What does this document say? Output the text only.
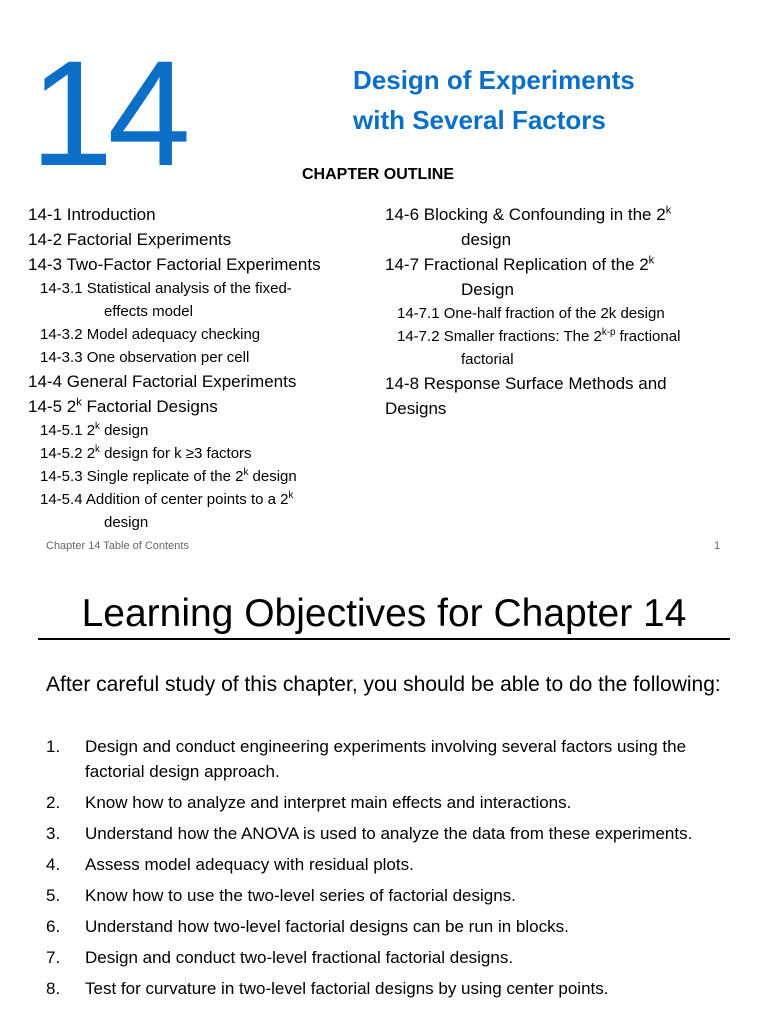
14	Design of Experiments
with Several Factors
CHAPTER OUTLINE
14-1 Introduction
14-2 Factorial Experiments
14-3 Two-Factor Factorial Experiments
14-3.1 Statistical analysis of the fixed-
effects model
14-3.2 Model adequacy checking
14-3.3 One observation per cell
14-4 General Factorial Experiments
14-5 2$^k$ Factorial Designs
14-5.1 2$^k$ design
14-5.2 2$^k$ design for k ≥3 factors
14-5.3 Single replicate of the 2$^k$ design
14-5.4 Addition of center points to a 2$^k$
design
14-6 Blocking & Confounding in the 2$^k$
design
14-7 Fractional Replication of the 2$^k$
Design
14-7.1 One-half fraction of the 2k design
14-7.2 Smaller fractions: The 2$^{k-p}$ fractional
factorial
14-8 Response Surface Methods and
Designs
Chapter 14 Table of Contents	1
Learning Objectives for Chapter 14
After careful study of this chapter, you should be able to do the following:
1.	Design and conduct engineering experiments involving several factors using the factorial design approach.
2.	Know how to analyze and interpret main effects and interactions.
3.	Understand how the ANOVA is used to analyze the data from these experiments.
4.	Assess model adequacy with residual plots.
5.	Know how to use the two-level series of factorial designs.
6.	Understand how two-level factorial designs can be run in blocks.
7.	Design and conduct two-level fractional factorial designs.
8.	Test for curvature in two-level factorial designs by using center points.
